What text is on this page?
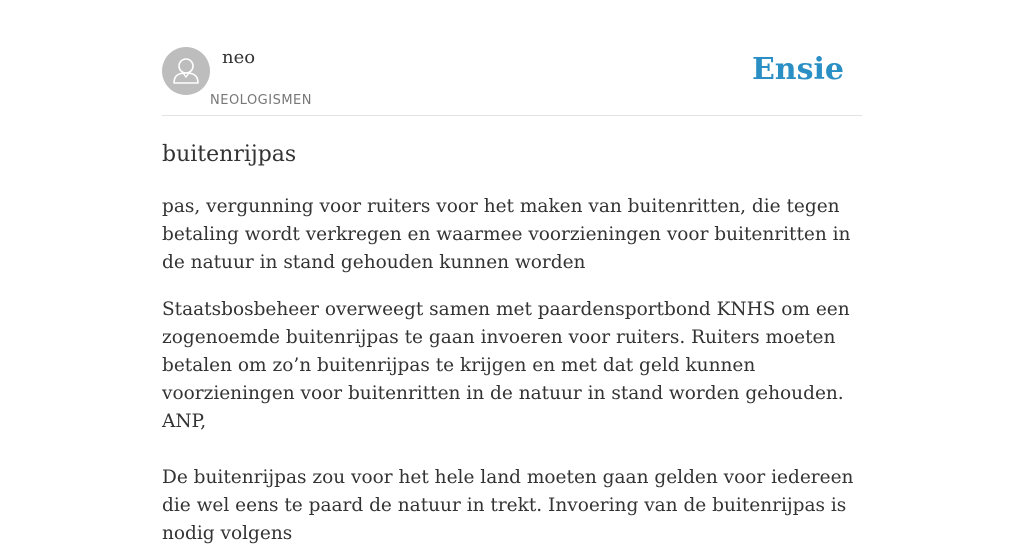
neo
NEOLOGISMEN
Ensie
buitenrijpas
pas, vergunning voor ruiters voor het maken van buitenritten, die tegen betaling wordt verkregen en waarmee voorzieningen voor buitenritten in de natuur in stand gehouden kunnen worden

Staatsbosbeheer overweegt samen met paardensportbond KNHS om een zogenoemde buitenrijpas te gaan invoeren voor ruiters. Ruiters moeten betalen om zo’n buitenrijpas te krijgen en met dat geld kunnen voorzieningen voor buitenritten in de natuur in stand worden gehouden.

ANP,

De buitenrijpas zou voor het hele land moeten gaan gelden voor iedereen die wel eens te paard de natuur in trekt. Invoering van de buitenrijpas is nodig volgens
